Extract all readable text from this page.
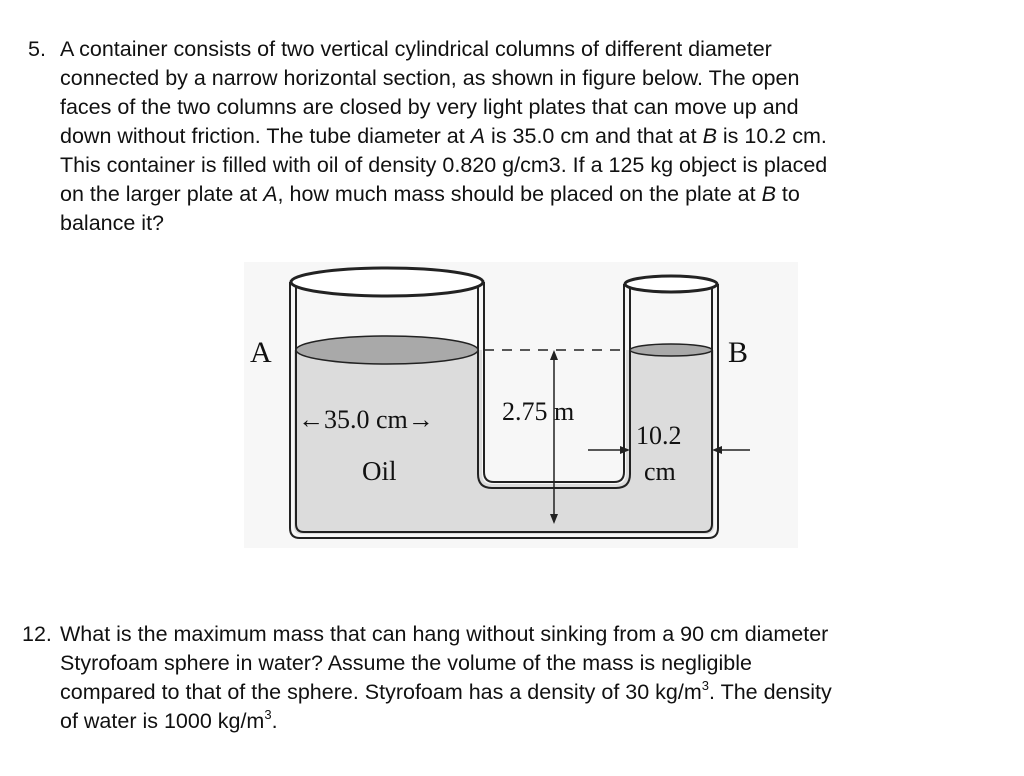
5. A container consists of two vertical cylindrical columns of different diameter
connected by a narrow horizontal section, as shown in figure below. The open
faces of the two columns are closed by very light plates that can move up and
down without friction. The tube diameter at A is 35.0 cm and that at B is 10.2 cm.
This container is filled with oil of density 0.820 g/cm3. If a 125 kg object is placed
on the larger plate at A, how much mass should be placed on the plate at B to
balance it?
A	B
←35.0 cm→	2.75 m
10.2
cm
Oil
12. What is the maximum mass that can hang without sinking from a 90 cm diameter
Styrofoam sphere in water? Assume the volume of the mass is negligible
compared to that of the sphere. Styrofoam has a density of 30 $kg/m^3$. The density
of water is 1000 $kg/m^3$.
